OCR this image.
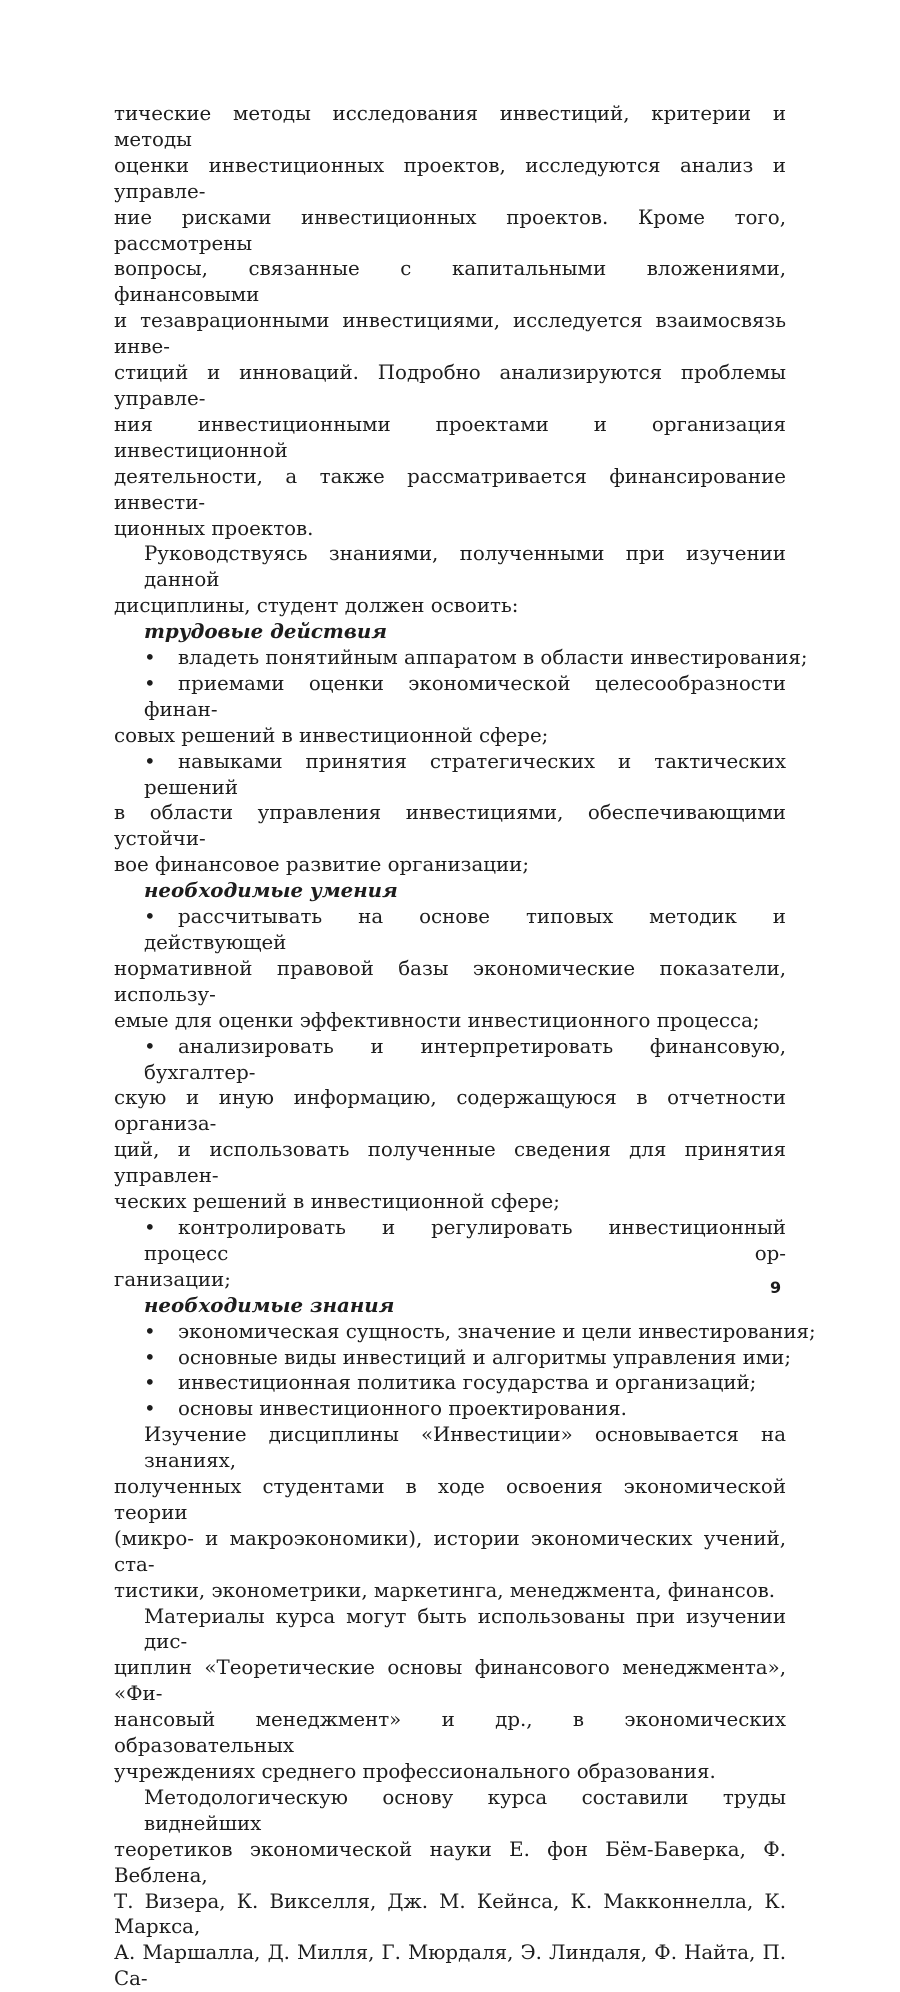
тические методы исследования инвестиций, критерии и методы
оценки инвестиционных проектов, исследуются анализ и управле-
ние рисками инвестиционных проектов. Кроме того, рассмотрены
вопросы, связанные с капитальными вложениями, финансовыми
и тезаврационными инвестициями, исследуется взаимосвязь инве-
стиций и инноваций. Подробно анализируются проблемы управле-
ния инвестиционными проектами и организация инвестиционной
деятельности, а также рассматривается финансирование инвести-
ционных проектов.
Руководствуясь знаниями, полученными при изучении данной
дисциплины, студент должен освоить:
трудовые действия
• владеть понятийным аппаратом в области инвестирования;
• приемами оценки экономической целесообразности финан-
совых решений в инвестиционной сфере;
• навыками принятия стратегических и тактических решений
в области управления инвестициями, обеспечивающими устойчи-
вое финансовое развитие организации;
необходимые умения
• рассчитывать на основе типовых методик и действующей
нормативной правовой базы экономические показатели, использу-
емые для оценки эффективности инвестиционного процесса;
• анализировать и интерпретировать финансовую, бухгалтер-
скую и иную информацию, содержащуюся в отчетности организа-
ций, и использовать полученные сведения для принятия управлен-
ческих решений в инвестиционной сфере;
• контролировать и регулировать инвестиционный процесс ор-
ганизации;
необходимые знания
• экономическая сущность, значение и цели инвестирования;
• основные виды инвестиций и алгоритмы управления ими;
• инвестиционная политика государства и организаций;
• основы инвестиционного проектирования.
Изучение дисциплины «Инвестиции» основывается на знаниях,
полученных студентами в ходе освоения экономической теории
(микро- и макроэкономики), истории экономических учений, ста-
тистики, эконометрики, маркетинга, менеджмента, финансов.
Материалы курса могут быть использованы при изучении дис-
циплин «Теоретические основы финансового менеджмента», «Фи-
нансовый менеджмент» и др., в экономических образовательных
учреждениях среднего профессионального образования.
Методологическую основу курса составили труды виднейших
теоретиков экономической науки Е. фон Бём-Баверка, Ф. Веблена,
Т. Визера, К. Викселля, Дж. М. Кейнса, К. Макконнелла, К. Маркса,
А. Маршалла, Д. Милля, Г. Мюрдаля, Э. Линдаля, Ф. Найта, П. Са-
9
